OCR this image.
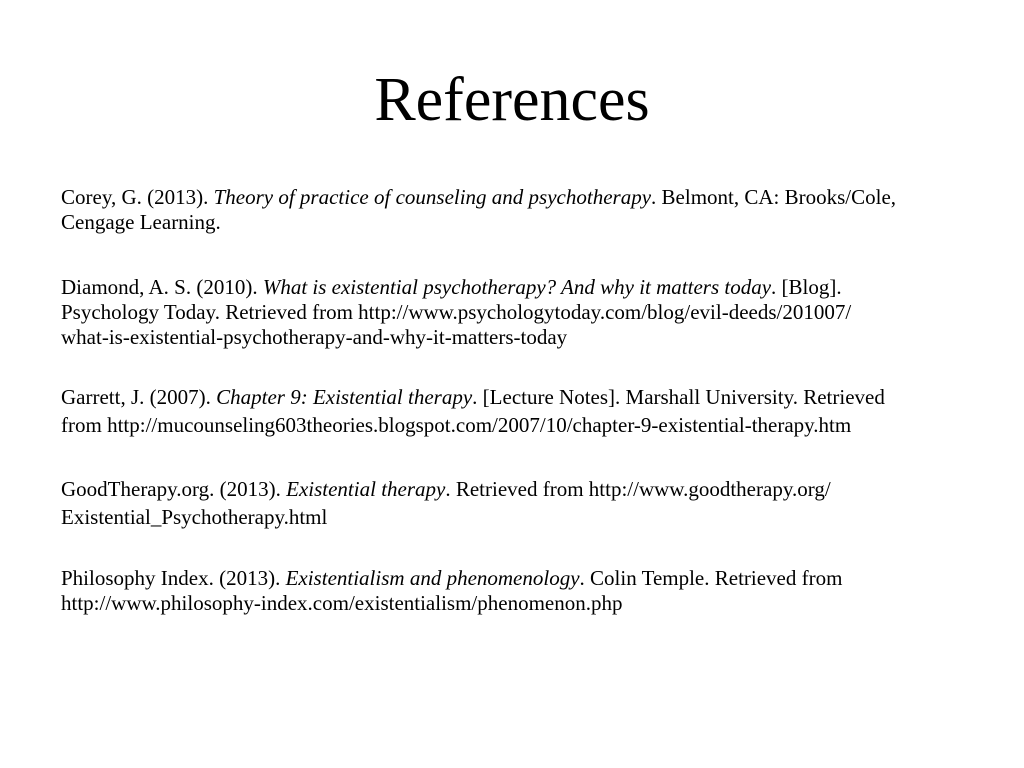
References

Corey, G. (2013). Theory of practice of counseling and psychotherapy. Belmont, CA: Brooks/Cole,
Cengage Learning.

Diamond, A. S. (2010). What is existential psychotherapy? And why it matters today. [Blog].
Psychology Today. Retrieved from http://www.psychologytoday.com/blog/evil-deeds/201007/
what-is-existential-psychotherapy-and-why-it-matters-today

Garrett, J. (2007). Chapter 9: Existential therapy. [Lecture Notes]. Marshall University. Retrieved
from http://mucounseling603theories.blogspot.com/2007/10/chapter-9-existential-therapy.htm

GoodTherapy.org. (2013). Existential therapy. Retrieved from http://www.goodtherapy.org/
Existential_Psychotherapy.html

Philosophy Index. (2013). Existentialism and phenomenology. Colin Temple. Retrieved from
http://www.philosophy-index.com/existentialism/phenomenon.php
